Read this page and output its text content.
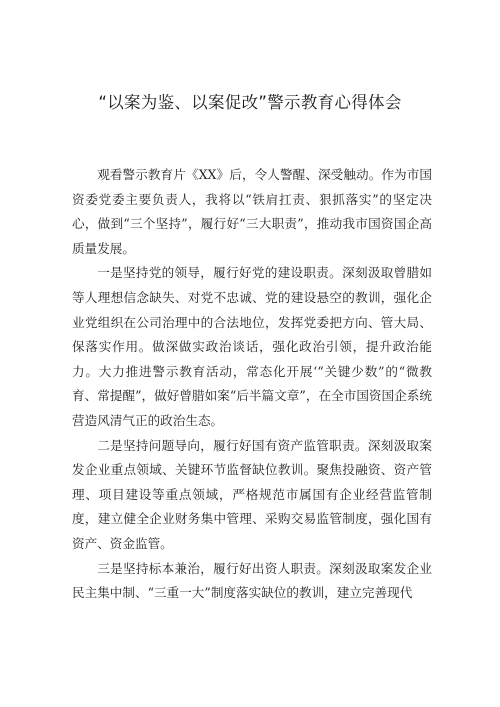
“以案为鉴、以案促改”警示教育心得体会

观看警示教育片《XX》后，令人警醒、深受触动。作为市国资委党委主要负责人，我将以“铁肩扛责、狠抓落实”的坚定决心，做到“三个坚持”，履行好“三大职责”，推动我市国资国企高质量发展。

一是坚持党的领导，履行好党的建设职责。深刻汲取曾腊如等人理想信念缺失、对党不忠诚、党的建设悬空的教训，强化企业党组织在公司治理中的合法地位，发挥党委把方向、管大局、保落实作用。做深做实政治谈话，强化政治引领，提升政治能力。大力推进警示教育活动，常态化开展‘“关键少数”的“微教育、常提醒”，做好曾腊如案“后半篇文章”，在全市国资国企系统营造风清气正的政治生态。

二是坚持问题导向，履行好国有资产监管职责。深刻汲取案发企业重点领域、关键环节监督缺位教训。聚焦投融资、资产管理、项目建设等重点领域，严格规范市属国有企业经营监管制度，建立健全企业财务集中管理、采购交易监管制度，强化国有资产、资金监管。

三是坚持标本兼治，履行好出资人职责。深刻汲取案发企业民主集中制、“三重一大”制度落实缺位的教训，建立完善现代
